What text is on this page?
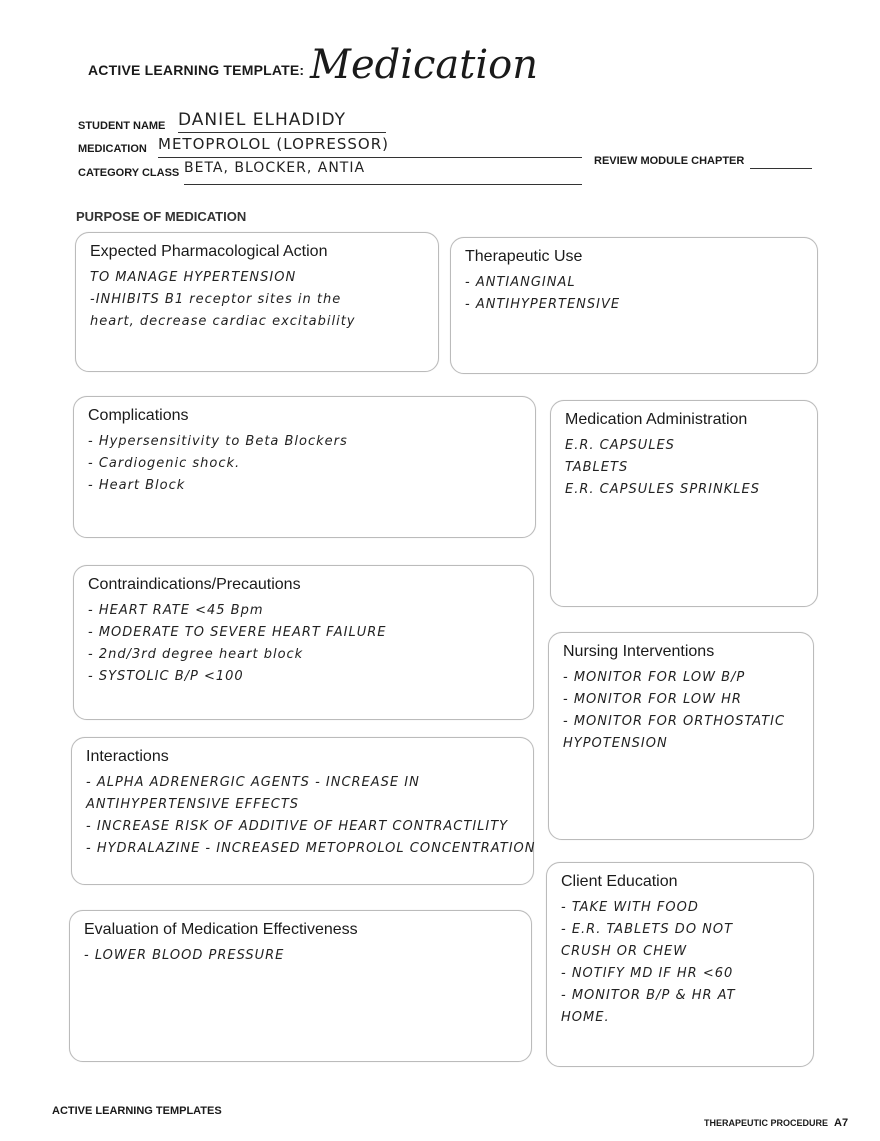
ACTIVE LEARNING TEMPLATE: Medication
STUDENT NAME DANIEL ELHADIDY
MEDICATION METOPROLOL (LOPRESSOR)
REVIEW MODULE CHAPTER
CATEGORY CLASS BETA, BLOCKER, ANTIA
PURPOSE OF MEDICATION
Expected Pharmacological Action
TO MANAGE HYPERTENSION
-INHIBITS B1 receptor sites in the
heart, decrease cardiac excitability
Therapeutic Use
- ANTIANGINAL
- ANTIHYPERTENSIVE
Complications
- Hypersensitivity to Beta Blockers
- Cardiogenic shock.
- Heart Block
Medication Administration
E.R. CAPSULES
TABLETS
E.R. CAPSULES SPRINKLES
Contraindications/Precautions
- HEART RATE <45 Bpm
- MODERATE TO SEVERE HEART FAILURE
- 2nd/3rd degree heart block
- SYSTOLIC B/P <100
Nursing Interventions
- MONITOR FOR LOW B/P
- MONITOR FOR LOW HR
- MONITOR FOR ORTHOSTATIC
HYPOTENSION
Interactions
- ALPHA ADRENERGIC AGENTS - INCREASE IN
ANTIHYPERTENSIVE EFFECTS
- INCREASE RISK OF ADDITIVE OF HEART CONTRACTILITY
- HYDRALAZINE - INCREASED METOPROLOL CONCENTRATION
Client Education
- TAKE WITH FOOD
- E.R. TABLETS DO NOT
CRUSH OR CHEW
- NOTIFY MD IF HR <60
- MONITOR B/P & HR AT
HOME.
Evaluation of Medication Effectiveness
- LOWER BLOOD PRESSURE
ACTIVE LEARNING TEMPLATES
THERAPEUTIC PROCEDURE A7
